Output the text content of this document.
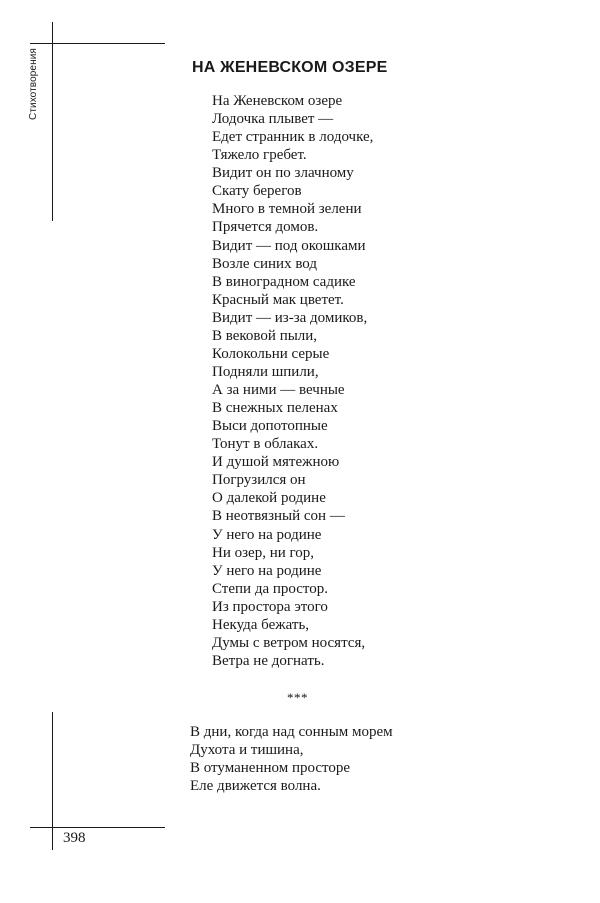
Стихотворения	НА ЖЕНЕВСКОМ ОЗЕРЕ
На Женевском озере
Лодочка плывет —
Едет странник в лодочке,
Тяжело гребет.
Видит он по злачному
Скату берегов
Много в темной зелени
Прячется домов.
Видит — под окошками
Возле синих вод
В виноградном садике
Красный мак цветет.
Видит — из-за домиков,
В вековой пыли,
Колокольни серые
Подняли шпили,
А за ними — вечные
В снежных пеленах
Выси допотопные
Тонут в облаках.
И душой мятежною
Погрузился он
О далекой родине
В неотвязный сон —
У него на родине
Ни озер, ни гор,
У него на родине
Степи да простор.
Из простора этого
Некуда бежать,
Думы с ветром носятся,
Ветра не догнать.
***
В дни, когда над сонным морем
Духота и тишина,
В отуманенном просторе
Еле движется волна.
398
